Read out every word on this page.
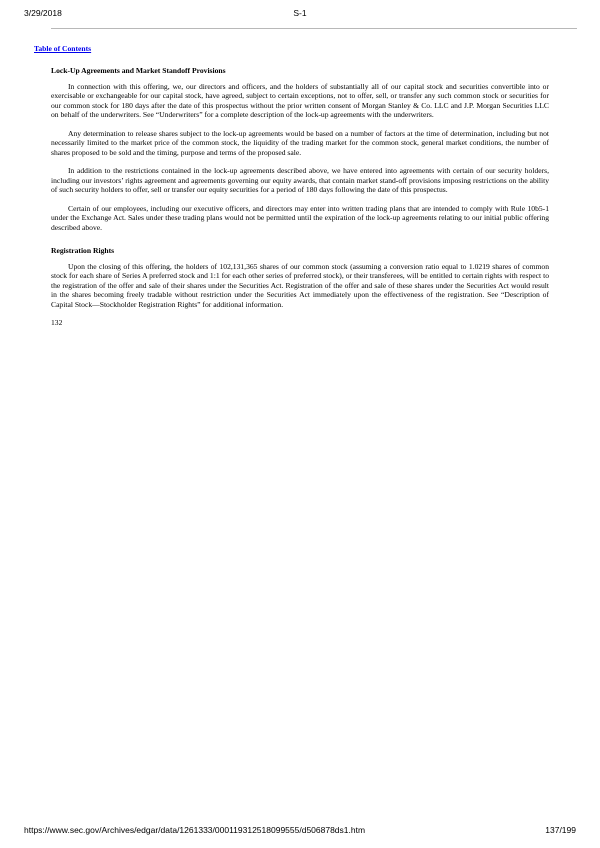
3/29/2018	S-1
Table of Contents
Lock-Up Agreements and Market Standoff Provisions

In connection with this offering, we, our directors and officers, and the holders of substantially all of our capital stock and securities convertible into or exercisable or exchangeable for our capital stock, have agreed, subject to certain exceptions, not to offer, sell, or transfer any such common stock or securities for our common stock for 180 days after the date of this prospectus without the prior written consent of Morgan Stanley & Co. LLC and J.P. Morgan Securities LLC on behalf of the underwriters. See “Underwriters” for a complete description of the lock-up agreements with the underwriters.

Any determination to release shares subject to the lock-up agreements would be based on a number of factors at the time of determination, including but not necessarily limited to the market price of the common stock, the liquidity of the trading market for the common stock, general market conditions, the number of shares proposed to be sold and the timing, purpose and terms of the proposed sale.

In addition to the restrictions contained in the lock-up agreements described above, we have entered into agreements with certain of our security holders, including our investors’ rights agreement and agreements governing our equity awards, that contain market stand-off provisions imposing restrictions on the ability of such security holders to offer, sell or transfer our equity securities for a period of 180 days following the date of this prospectus.

Certain of our employees, including our executive officers, and directors may enter into written trading plans that are intended to comply with Rule 10b5-1 under the Exchange Act. Sales under these trading plans would not be permitted until the expiration of the lock-up agreements relating to our initial public offering described above.

Registration Rights

Upon the closing of this offering, the holders of 102,131,365 shares of our common stock (assuming a conversion ratio equal to 1.0219 shares of common stock for each share of Series A preferred stock and 1:1 for each other series of preferred stock), or their transferees, will be entitled to certain rights with respect to the registration of the offer and sale of their shares under the Securities Act. Registration of the offer and sale of these shares under the Securities Act would result in the shares becoming freely tradable without restriction under the Securities Act immediately upon the effectiveness of the registration. See “Description of Capital Stock—Stockholder Registration Rights” for additional information.

132

https://www.sec.gov/Archives/edgar/data/1261333/000119312518099555/d506878ds1.htm	137/199
